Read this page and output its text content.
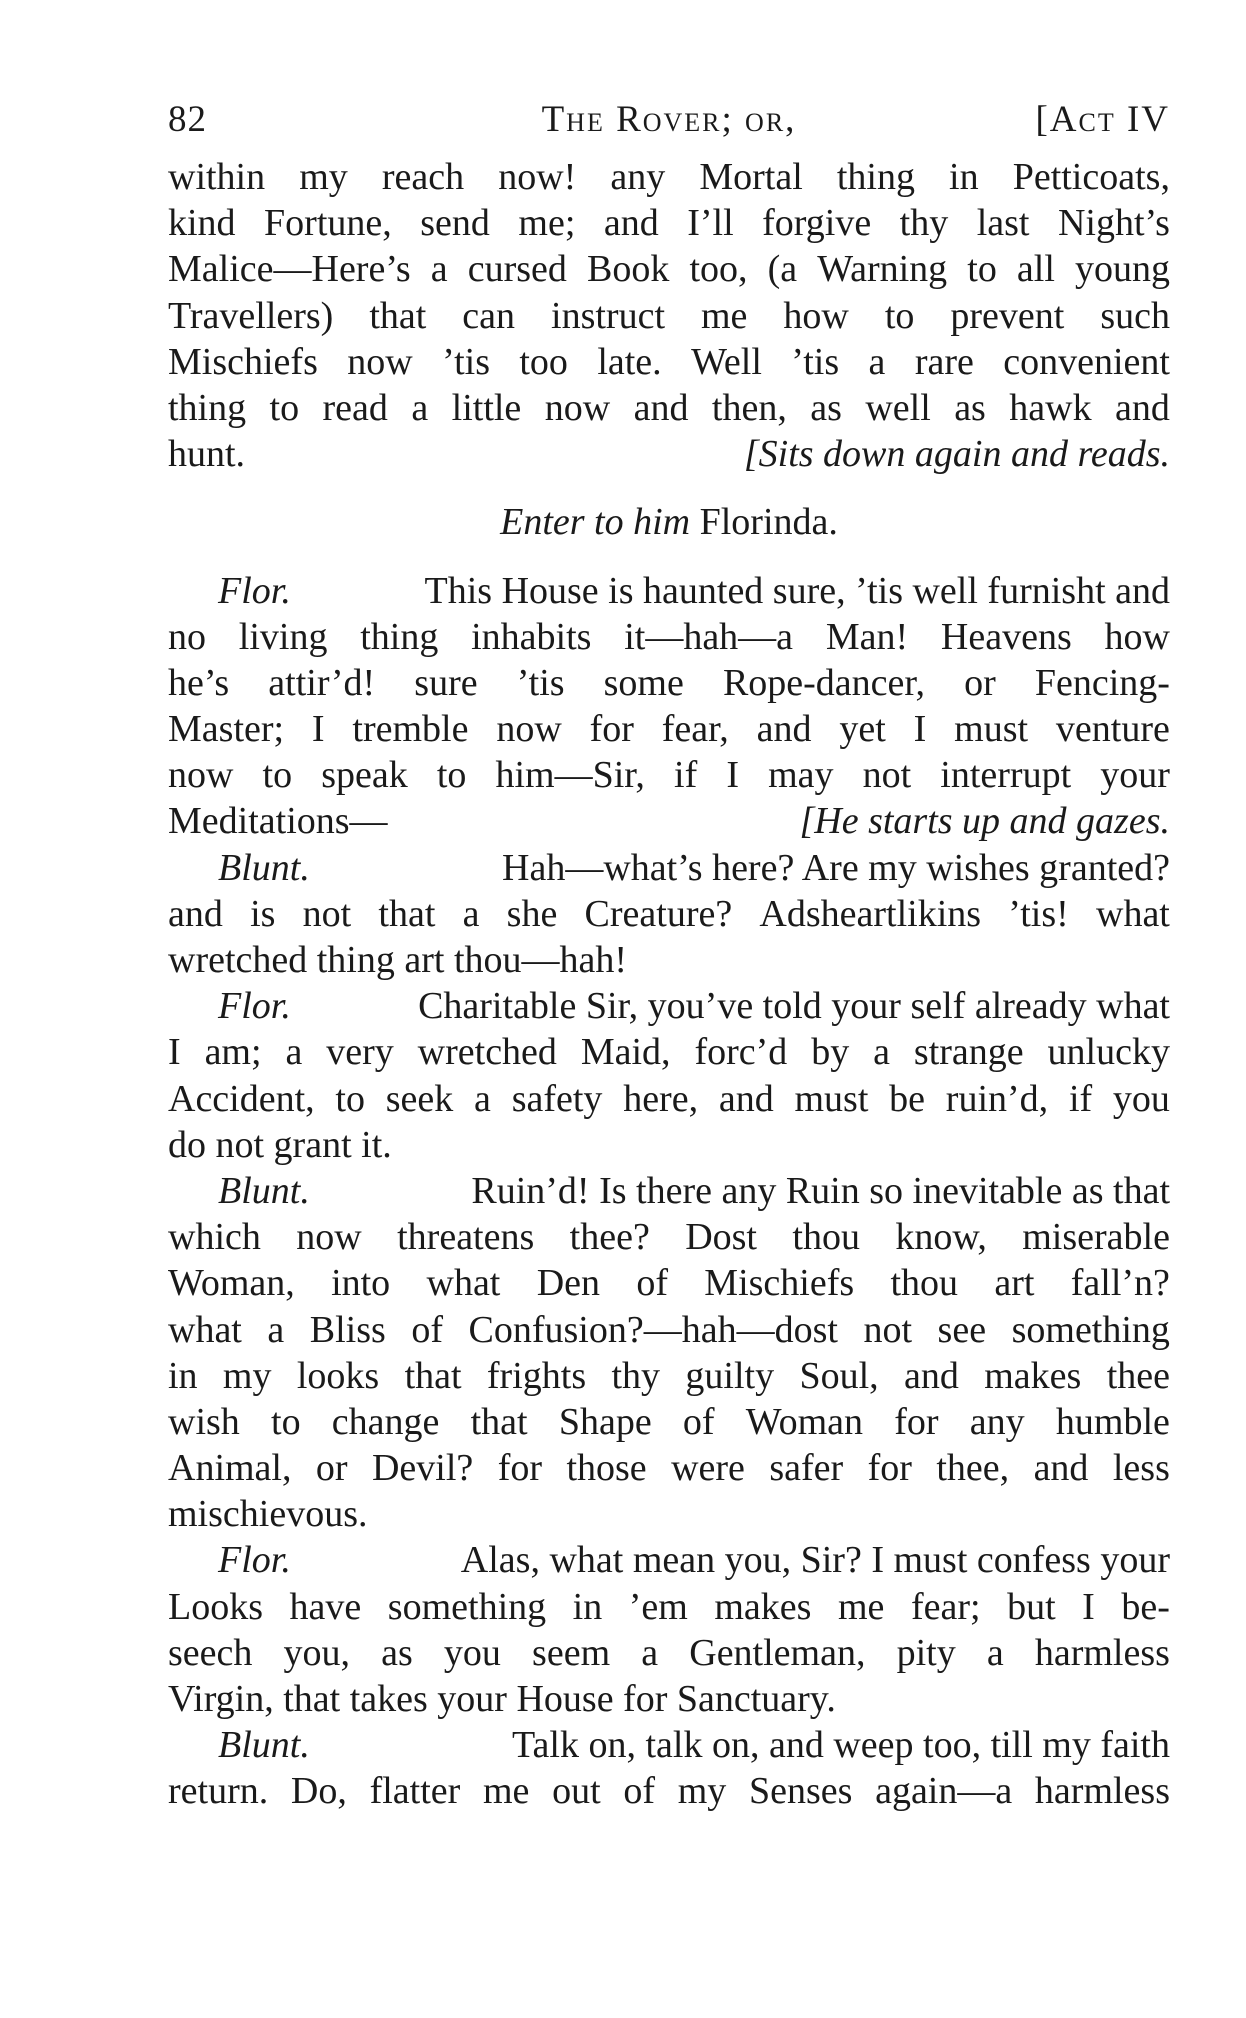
82	The Rover; or,	[Act IV
within my reach now! any Mortal thing in Petticoats,
kind Fortune, send me; and I’ll forgive thy last Night’s
Malice—Here’s a cursed Book too, (a Warning to all young
Travellers) that can instruct me how to prevent such
Mischiefs now ’tis too late. Well ’tis a rare convenient
thing to read a little now and then, as well as hawk and
hunt.	[Sits down again and reads.
Enter to him Florinda.
Flor.	This House is haunted sure, ’tis well furnisht and
no living thing inhabits it—hah—a Man! Heavens how
he’s attir’d! sure ’tis some Rope-dancer, or Fencing-
Master; I tremble now for fear, and yet I must venture
now to speak to him—Sir, if I may not interrupt your
Meditations—	[He starts up and gazes.
Blunt.	Hah—what’s here? Are my wishes granted?
and is not that a she Creature? Adsheartlikins ’tis! what
wretched thing art thou—hah!
Flor.	Charitable Sir, you’ve told your self already what
I am; a very wretched Maid, forc’d by a strange unlucky
Accident, to seek a safety here, and must be ruin’d, if you
do not grant it.
Blunt.	Ruin’d! Is there any Ruin so inevitable as that
which now threatens thee? Dost thou know, miserable
Woman, into what Den of Mischiefs thou art fall’n?
what a Bliss of Confusion?—hah—dost not see something
in my looks that frights thy guilty Soul, and makes thee
wish to change that Shape of Woman for any humble
Animal, or Devil? for those were safer for thee, and less
mischievous.
Flor.	Alas, what mean you, Sir? I must confess your
Looks have something in ’em makes me fear; but I be-
seech you, as you seem a Gentleman, pity a harmless
Virgin, that takes your House for Sanctuary.
Blunt.	Talk on, talk on, and weep too, till my faith
return. Do, flatter me out of my Senses again—a harmless
